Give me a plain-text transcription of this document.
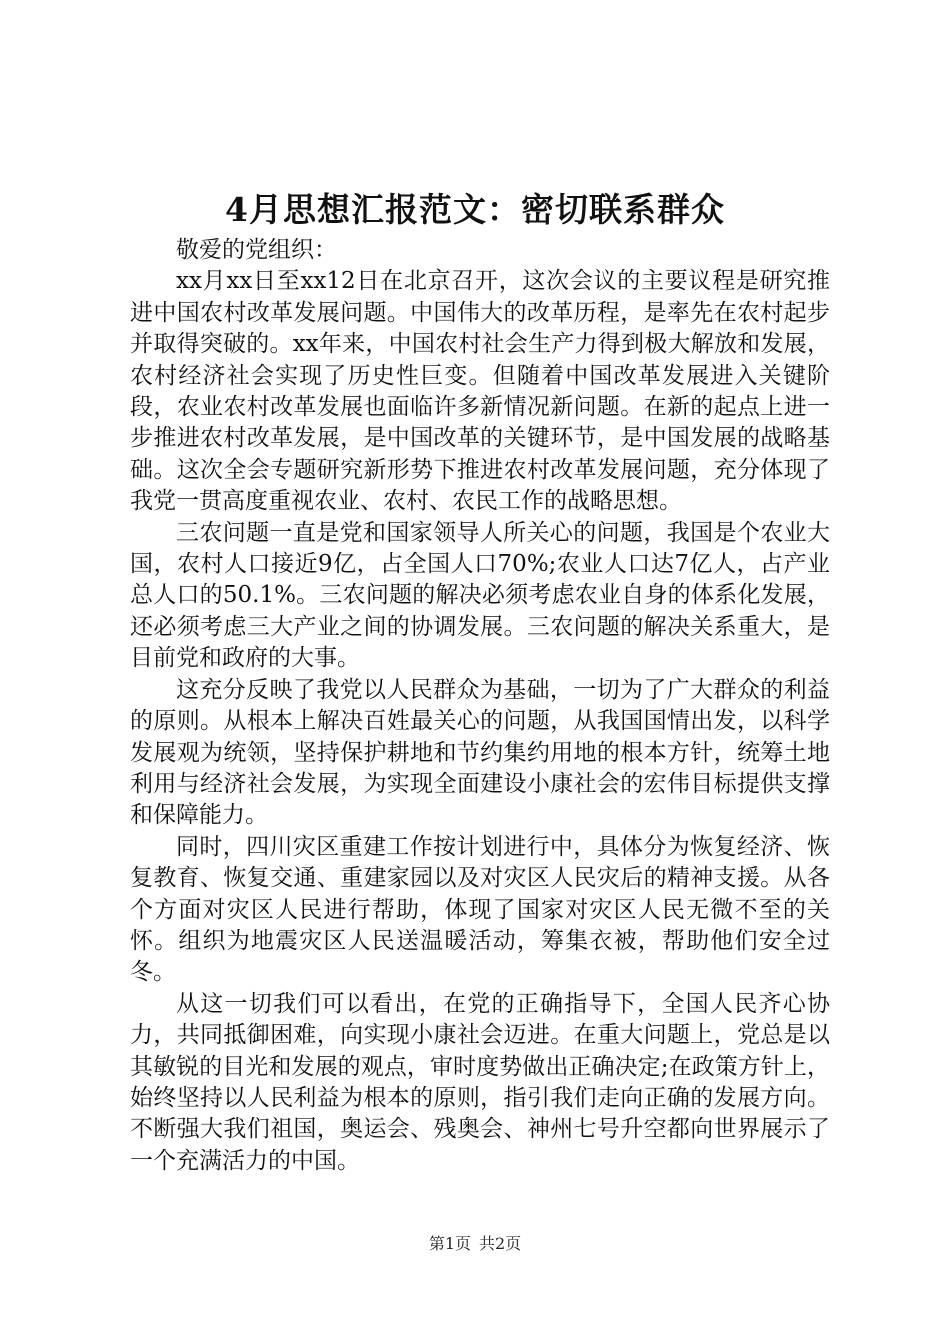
4月思想汇报范文：密切联系群众

敬爱的党组织：

xx月xx日至xx12日在北京召开，这次会议的主要议程是研究推进中国农村改革发展问题。中国伟大的改革历程，是率先在农村起步并取得突破的。xx年来，中国农村社会生产力得到极大解放和发展，农村经济社会实现了历史性巨变。但随着中国改革发展进入关键阶段，农业农村改革发展也面临许多新情况新问题。在新的起点上进一步推进农村改革发展，是中国改革的关键环节，是中国发展的战略基础。这次全会专题研究新形势下推进农村改革发展问题，充分体现了我党一贯高度重视农业、农村、农民工作的战略思想。

三农问题一直是党和国家领导人所关心的问题，我国是个农业大国，农村人口接近9亿，占全国人口70%;农业人口达7亿人，占产业总人口的50.1%。三农问题的解决必须考虑农业自身的体系化发展，还必须考虑三大产业之间的协调发展。三农问题的解决关系重大，是目前党和政府的大事。

这充分反映了我党以人民群众为基础，一切为了广大群众的利益的原则。从根本上解决百姓最关心的问题，从我国国情出发，以科学发展观为统领，坚持保护耕地和节约集约用地的根本方针，统筹土地利用与经济社会发展，为实现全面建设小康社会的宏伟目标提供支撑和保障能力。

同时，四川灾区重建工作按计划进行中，具体分为恢复经济、恢复教育、恢复交通、重建家园以及对灾区人民灾后的精神支援。从各个方面对灾区人民进行帮助，体现了国家对灾区人民无微不至的关怀。组织为地震灾区人民送温暖活动，筹集衣被，帮助他们安全过冬。

从这一切我们可以看出，在党的正确指导下，全国人民齐心协力，共同抵御困难，向实现小康社会迈进。在重大问题上，党总是以其敏锐的目光和发展的观点，审时度势做出正确决定;在政策方针上，始终坚持以人民利益为根本的原则，指引我们走向正确的发展方向。不断强大我们祖国，奥运会、残奥会、神州七号升空都向世界展示了一个充满活力的中国。

第1页 共2页
